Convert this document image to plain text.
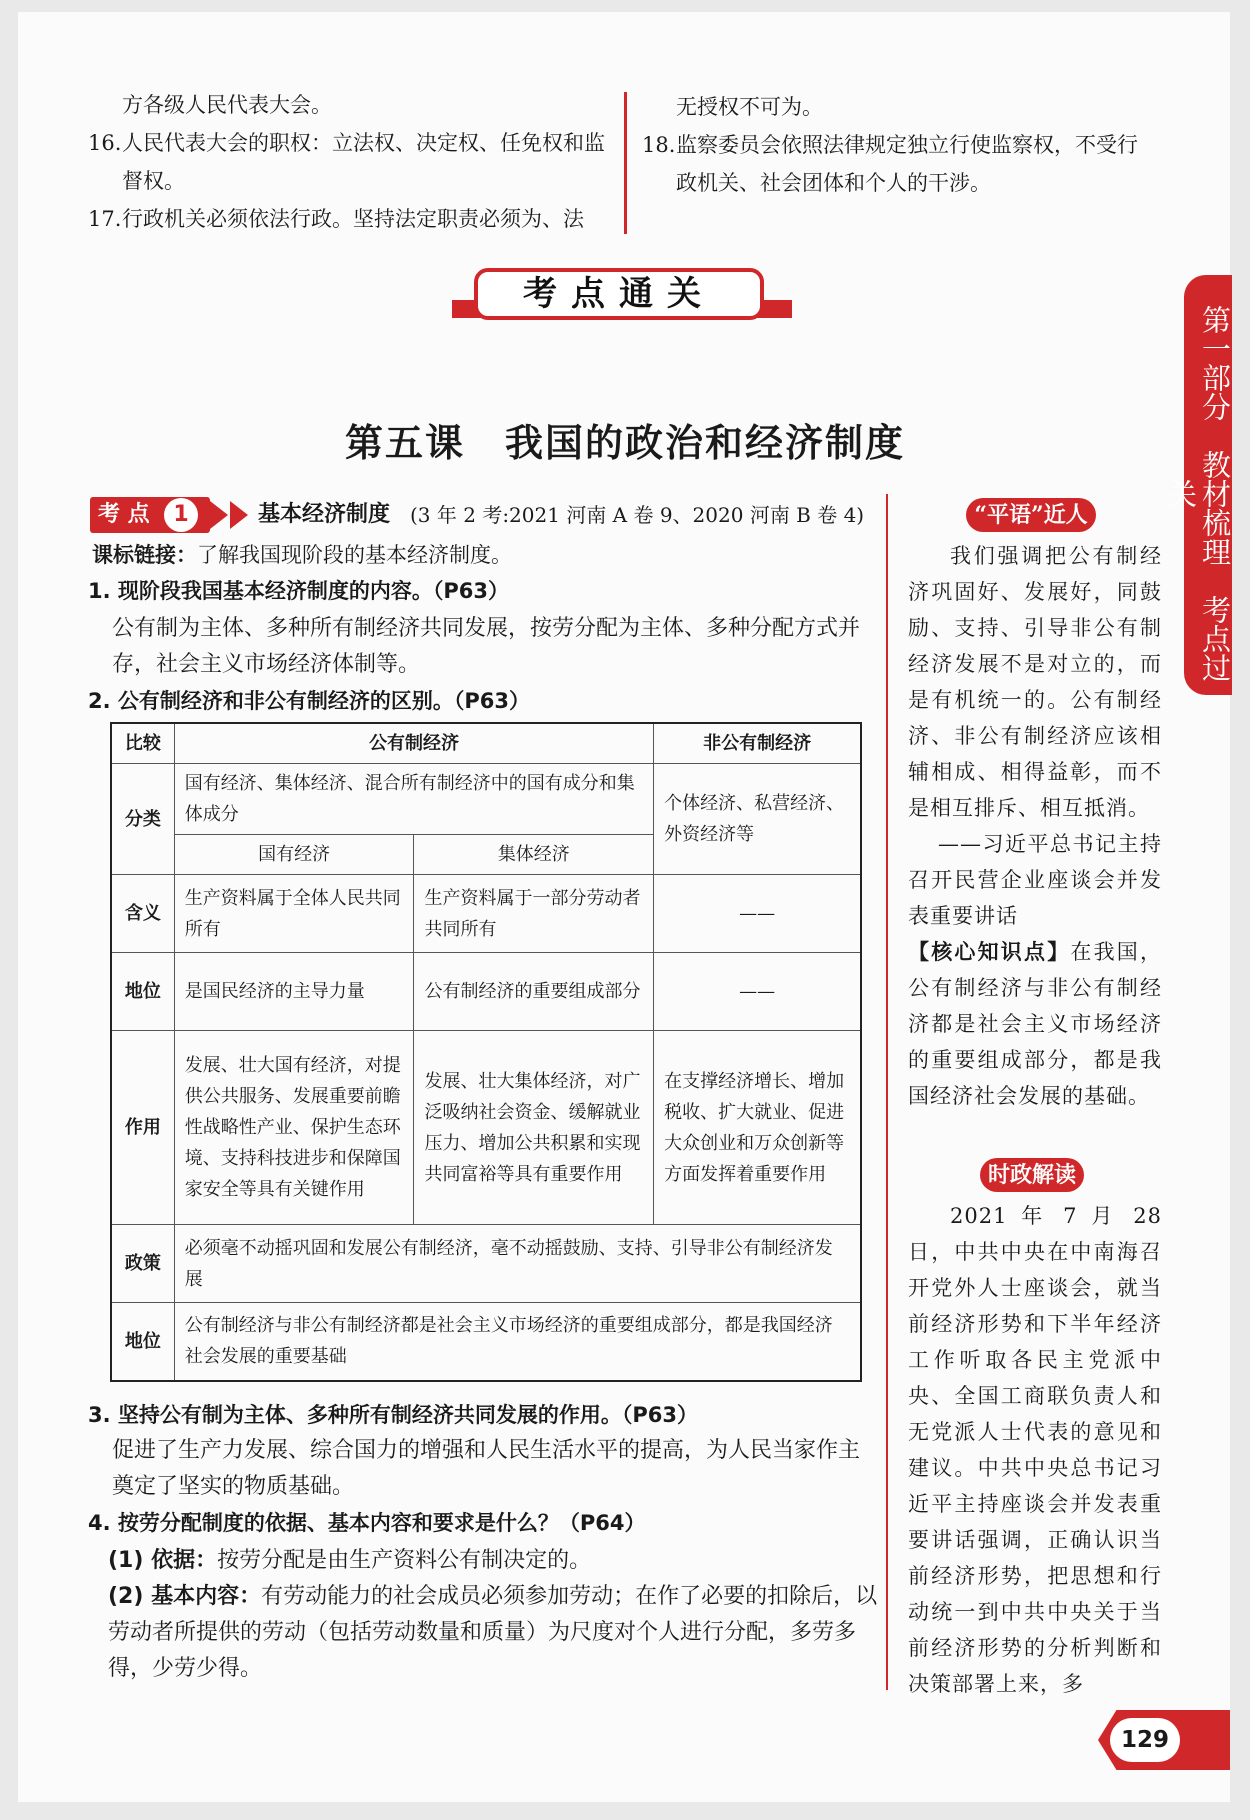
方各级人民代表大会。
16. 人民代表大会的职权：立法权、决定权、任免权和监
督权。
17. 行政机关必须依法行政。坚持法定职责必须为、法
无授权不可为。
18. 监察委员会依照法律规定独立行使监察权，不受行
政机关、社会团体和个人的干涉。
考点通关
第一部分　教材梳理　考点过关
第五课　我国的政治和经济制度
考 点	1	基本经济制度 (3 年 2 考:2021 河南 A 卷 9、2020 河南 B 卷 4)
课标链接：了解我国现阶段的基本经济制度。
1. 现阶段我国基本经济制度的内容。（P63）
公有制为主体、多种所有制经济共同发展，按劳分配为主体、多种分配方式并
存，社会主义市场经济体制等。
2. 公有制经济和非公有制经济的区别。（P63）
比较	公有制经济		非公有制经济
分类	国有经济、集体经济、混合所有制经济中的国有成分和集体成分		个体经济、私营经济、外资经济等
	国有经济	集体经济	
含义	生产资料属于全体人民共同所有	生产资料属于一部分劳动者共同所有	——
地位	是国民经济的主导力量	公有制经济的重要组成部分	——
作用	发展、壮大国有经济，对提供公共服务、发展重要前瞻性战略性产业、保护生态环境、支持科技进步和保障国家安全等具有关键作用	发展、壮大集体经济，对广泛吸纳社会资金、缓解就业压力、增加公共积累和实现共同富裕等具有重要作用	在支撑经济增长、增加税收、扩大就业、促进大众创业和万众创新等方面发挥着重要作用
政策	必须毫不动摇巩固和发展公有制经济，毫不动摇鼓励、支持、引导非公有制经济发展		
地位	公有制经济与非公有制经济都是社会主义市场经济的重要组成部分，都是我国经济社会发展的重要基础		
3. 坚持公有制为主体、多种所有制经济共同发展的作用。（P63）
促进了生产力发展、综合国力的增强和人民生活水平的提高，为人民当家作主
奠定了坚实的物质基础。
4. 按劳分配制度的依据、基本内容和要求是什么？（P64）
(1) 依据：按劳分配是由生产资料公有制决定的。
(2) 基本内容：有劳动能力的社会成员必须参加劳动；在作了必要的扣除后，以
劳动者所提供的劳动（包括劳动数量和质量）为尺度对个人进行分配，多劳多
得，少劳少得。
“平语”近人
我们强调把公有制经济巩固好、发展好，同鼓励、支持、引导非公有制经济发展不是对立的，而是有机统一的。公有制经济、非公有制经济应该相辅相成、相得益彰，而不是相互排斥、相互抵消。
——习近平总书记主持召开民营企业座谈会并发表重要讲话
【核心知识点】在我国，公有制经济与非公有制经济都是社会主义市场经济的重要组成部分，都是我国经济社会发展的基础。
时政解读
2021 年 7 月 28 日，中共中央在中南海召开党外人士座谈会，就当前经济形势和下半年经济工作听取各民主党派中央、全国工商联负责人和无党派人士代表的意见和建议。中共中央总书记习近平主持座谈会并发表重要讲话强调，正确认识当前经济形势，把思想和行动统一到中共中央关于当前经济形势的分析判断和决策部署上来，多
129
